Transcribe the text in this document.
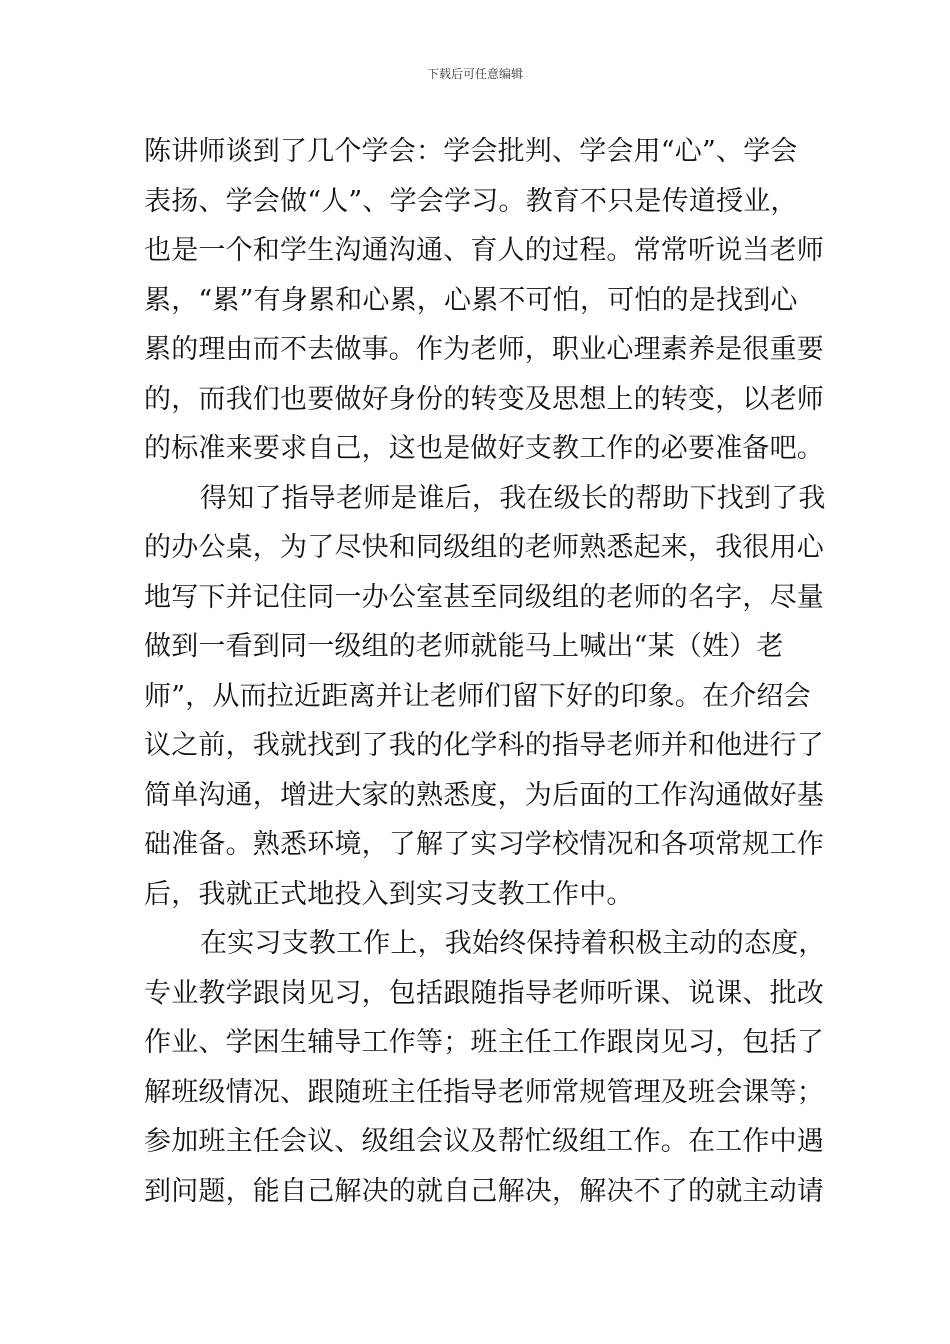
下载后可任意编辑
陈讲师谈到了几个学会：学会批判、学会用“心”、学会
表扬、学会做“人”、学会学习。教育不只是传道授业，
也是一个和学生沟通沟通、育人的过程。常常听说当老师
累，“累”有身累和心累，心累不可怕，可怕的是找到心
累的理由而不去做事。作为老师，职业心理素养是很重要
的，而我们也要做好身份的转变及思想上的转变，以老师
的标准来要求自己，这也是做好支教工作的必要准备吧。
得知了指导老师是谁后，我在级长的帮助下找到了我
的办公桌，为了尽快和同级组的老师熟悉起来，我很用心
地写下并记住同一办公室甚至同级组的老师的名字，尽量
做到一看到同一级组的老师就能马上喊出“某（姓）老
师”，从而拉近距离并让老师们留下好的印象。在介绍会
议之前，我就找到了我的化学科的指导老师并和他进行了
简单沟通，增进大家的熟悉度，为后面的工作沟通做好基
础准备。熟悉环境，了解了实习学校情况和各项常规工作
后，我就正式地投入到实习支教工作中。
在实习支教工作上，我始终保持着积极主动的态度，
专业教学跟岗见习，包括跟随指导老师听课、说课、批改
作业、学困生辅导工作等；班主任工作跟岗见习，包括了
解班级情况、跟随班主任指导老师常规管理及班会课等；
参加班主任会议、级组会议及帮忙级组工作。在工作中遇
到问题，能自己解决的就自己解决，解决不了的就主动请
